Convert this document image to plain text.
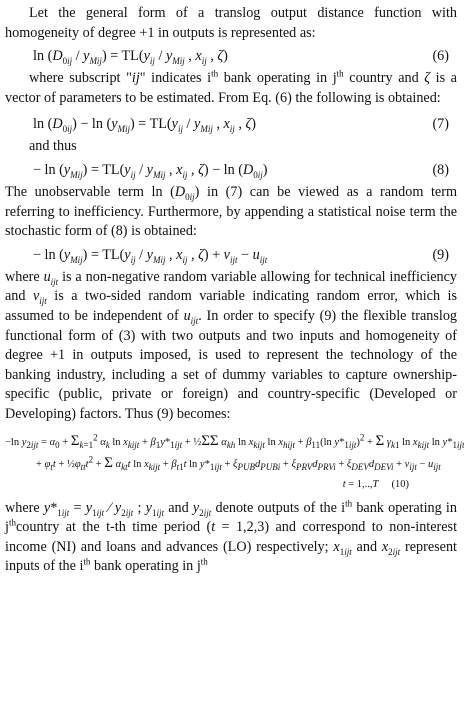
Let the general form of a translog output distance function with homogeneity of degree +1 in outputs is represented as:

$\ln (D_{0ij} / y_{Mij}) = TL(y_{ij} / y_{Mij}$ , $x_{ij}$ , ζ)	(6)

where subscript "ij" indicates $i^{th}$ bank operating in $j^{th}$ country and ζ is a vector of parameters to be estimated. From Eq. (6) the following is obtained:

$\ln (D_{0ij}) - \ln (y_{Mij}) = TL(y_{ij} / y_{Mij}$ , $x_{ij}$ , ζ)	(7)

and thus

− $\ln (y_{Mij}) = TL(y_{ij} / y_{Mij}$ , $x_{ij}$ , $\zeta) - \ln (D_{0ij})$	(8)

The unobservable term $\ln (D_{0ij})$ in (7) can be viewed as a random term referring to inefficiency. Furthermore, by appending a statistical noise term the stochastic form of (8) is obtained:

− $\ln (y_{Mij}) = TL(y_{ij} / y_{Mij}$ , $x_{ij}$ , $\zeta) + v_{ijt} - u_{ijt}$	(9)

where $u_{ijt}$ is a non-negative random variable allowing for technical inefficiency and $v_{ijt}$ is a two-sided random variable indicating random error, which is assumed to be independent of $u_{ijt}$. In order to specify (9) the flexible translog functional form of (3) with two outputs and two inputs and homogeneity of degree +1 in outputs imposed, is used to represent the technology of the banking industry, including a set of dummy variables to capture ownership-specific (public, private or foreign) and country-specific (Developed or Developing) factors. Thus (9) becomes:

−ln $y_{2ijt} = \alpha_0 + \Sigma_{k=1}^2$ $\alpha_k$ $\ln x_{kijt} + \beta_1y*_{1ijt}$ + ½ΣΣ $\alpha_{kh}$ $\ln x_{kijt}$ $\ln x_{hijt} + \beta_{11}(\ln$ $y*_{1ijt})^2 + \Sigma$ $\gamma_{k1}$ $\ln x_{kijt}$ $\ln y*_{1ijt}$
+ $\varphi_tt$ + $\frac{1}{2}\varphi_{tt}t^2 + \Sigma$ $\alpha_{kt}t$ $\ln x_{kijt} + \beta_{t1}t$ $\ln y*_{1ijt} + \xi_{PUB}d_{PUBi} + \xi_{PRV}d_{PRVi} + \xi_{DEV}d_{DEVi} + v_{ijt} - u_{ijt}$
t = 1,..,T (10)

where $y*_{1ijt} = y_{1ijt}$ ⁄ $y_{2ijt}$ ; $y_{1ijt}$ and $y_{2ijt}$ denote outputs of the $i^{th}$ bank operating in $j^{th}country$ at the t-th time period (t = 1,2,3) and correspond to non-interest income (NI) and loans and advances (LO) respectively; $x_{1ijt}$ and $x_{2ijt}$ represent inputs of the $i^{th}$ bank operating in $j^{th}$
